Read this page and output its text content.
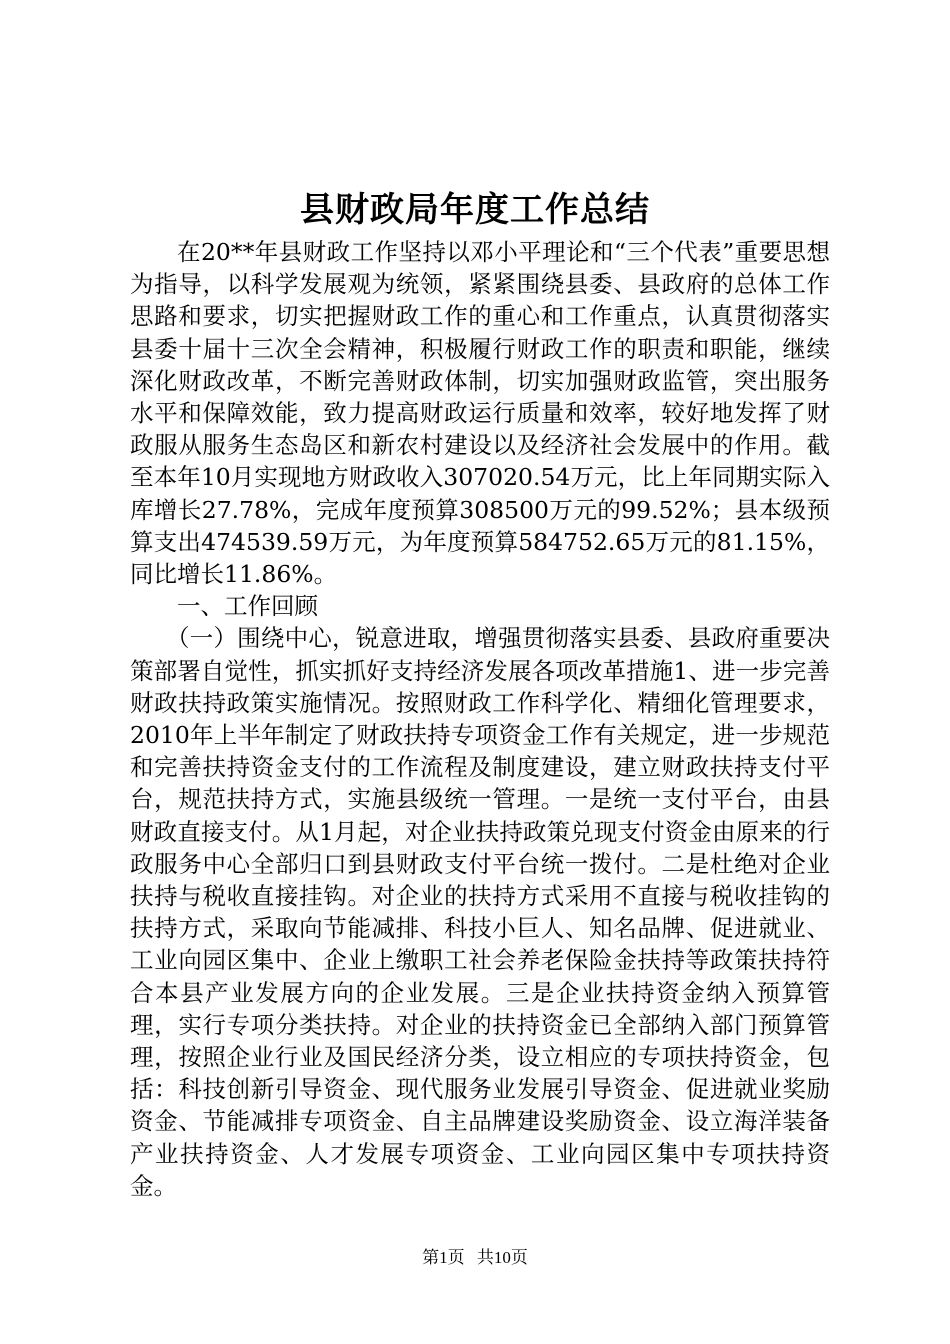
县财政局年度工作总结

在20**年县财政工作坚持以邓小平理论和“三个代表”重要思想为指导，以科学发展观为统领，紧紧围绕县委、县政府的总体工作思路和要求，切实把握财政工作的重心和工作重点，认真贯彻落实县委十届十三次全会精神，积极履行财政工作的职责和职能，继续深化财政改革，不断完善财政体制，切实加强财政监管，突出服务水平和保障效能，致力提高财政运行质量和效率，较好地发挥了财政服从服务生态岛区和新农村建设以及经济社会发展中的作用。截至本年10月实现地方财政收入307020.54万元，比上年同期实际入库增长27.78%，完成年度预算308500万元的99.52%；县本级预算支出474539.59万元，为年度预算584752.65万元的81.15%，同比增长11.86%。

一、工作回顾

（一）围绕中心，锐意进取，增强贯彻落实县委、县政府重要决策部署自觉性，抓实抓好支持经济发展各项改革措施1、进一步完善财政扶持政策实施情况。按照财政工作科学化、精细化管理要求，2010年上半年制定了财政扶持专项资金工作有关规定，进一步规范和完善扶持资金支付的工作流程及制度建设，建立财政扶持支付平台，规范扶持方式，实施县级统一管理。一是统一支付平台，由县财政直接支付。从1月起，对企业扶持政策兑现支付资金由原来的行政服务中心全部归口到县财政支付平台统一拨付。二是杜绝对企业扶持与税收直接挂钩。对企业的扶持方式采用不直接与税收挂钩的扶持方式，采取向节能减排、科技小巨人、知名品牌、促进就业、工业向园区集中、企业上缴职工社会养老保险金扶持等政策扶持符合本县产业发展方向的企业发展。三是企业扶持资金纳入预算管理，实行专项分类扶持。对企业的扶持资金已全部纳入部门预算管理，按照企业行业及国民经济分类，设立相应的专项扶持资金，包括：科技创新引导资金、现代服务业发展引导资金、促进就业奖励资金、节能减排专项资金、自主品牌建设奖励资金、设立海洋装备产业扶持资金、人才发展专项资金、工业向园区集中专项扶持资金。

第1页 共10页
